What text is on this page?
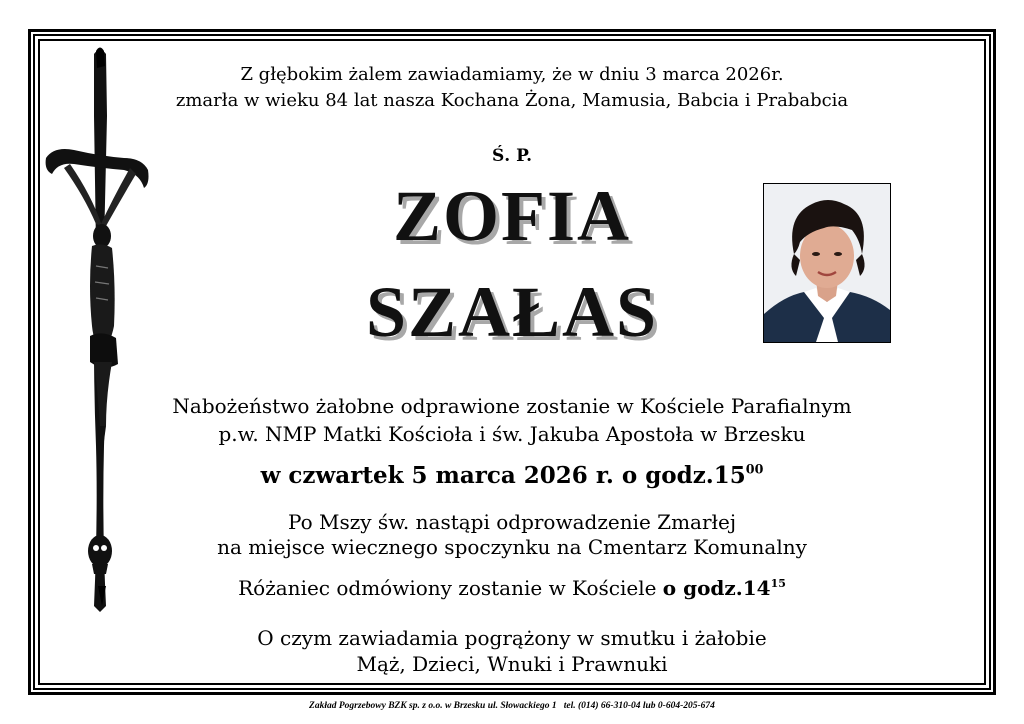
Z głębokim żalem zawiadamiamy, że w dniu 3 marca 2026r.
zmarła w wieku 84 lat nasza Kochana Żona, Mamusia, Babcia i Prababcia
Ś. P.
ZOFIA
SZAŁAS
Nabożeństwo żałobne odprawione zostanie w Kościele Parafialnym
p.w. NMP Matki Kościoła i św. Jakuba Apostoła w Brzesku
w czwartek 5 marca 2026 r. o $godz.15^{00}$
Po Mszy św. nastąpi odprowadzenie Zmarłej
na miejsce wiecznego spoczynku na Cmentarz Komunalny
Różaniec odmówiony zostanie w Kościele o $godz.14^{15}$
O czym zawiadamia pogrążony w smutku i żałobie
Mąż, Dzieci, Wnuki i Prawnuki
Zakład Pogrzebowy BZK sp. z o.o. w Brzesku ul. Słowackiego 1 tel. (014) 66-310-04 lub 0-604-205-674
